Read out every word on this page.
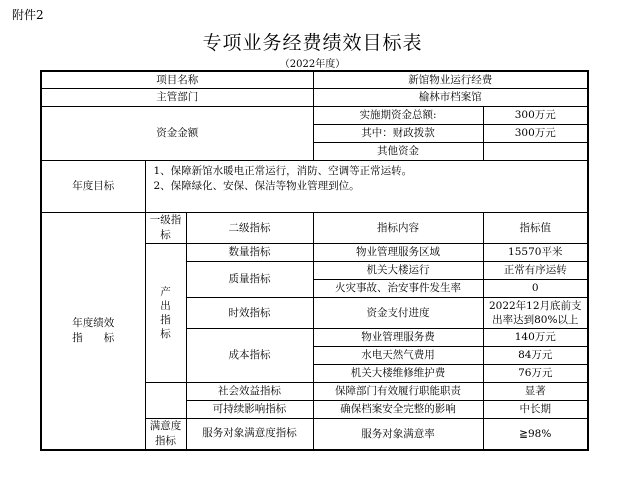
附件2
专项业务经费绩效目标表
（2022年度）
项目名称			新馆物业运行经费	
主管部门			榆林市档案馆	
资金金额			实施期资金总额:	300万元
			其中：财政拨款	300万元
			其他资金	
年度目标	1、保障新馆水暖电正常运行，消防、空调等正常运转。
2、保障绿化、安保、保洁等物业管理到位。			

年度绩效
指　　标	一级指标	二级指标	指标内容	指标值

	产
出
指
标	数量指标	物业管理服务区域	15570平米
		质量指标	机关大楼运行	正常有序运转
			火灾事故、治安事件发生率	0
		时效指标	资金支付进度	2022年12月底前支出率达到80%以上
		成本指标	物业管理服务费	140万元
			水电天然气费用	84万元
			机关大楼维修维护费	76万元
		社会效益指标	保障部门有效履行职能职责	显著
		可持续影响指标	确保档案安全完整的影响	中长期
	满意度指标	服务对象满意度指标	服务对象满意率	≧98%
